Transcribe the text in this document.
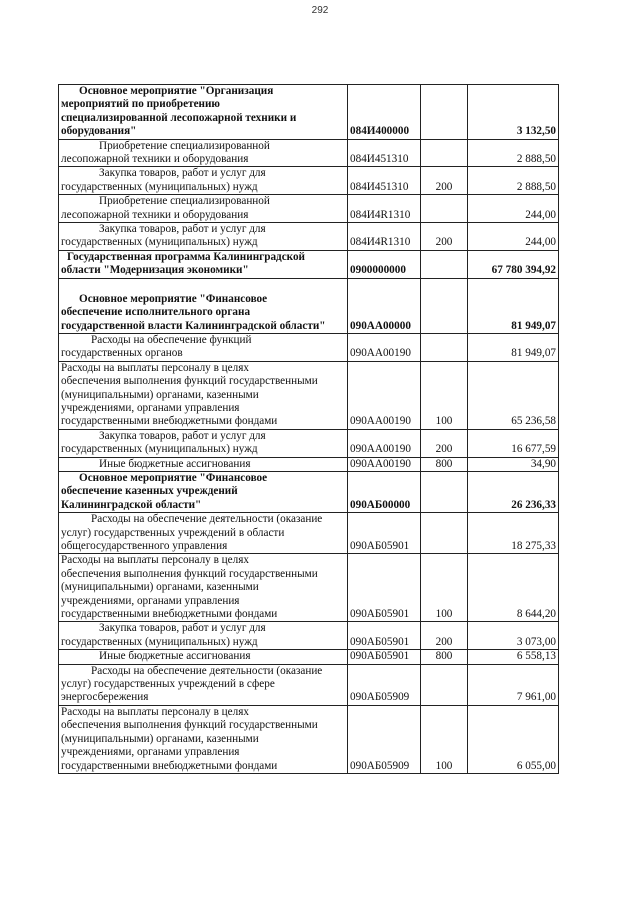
292
Основное мероприятие "Организация
мероприятий по приобретению
специализированной лесопожарной техники и
оборудования"	084И400000		3 132,50

Приобретение специализированной
лесопожарной техники и оборудования	084И451310		2 888,50

Закупка товаров, работ и услуг для
государственных (муниципальных) нужд	084И451310	200	2 888,50

Приобретение специализированной
лесопожарной техники и оборудования	084И4R1310		244,00

Закупка товаров, работ и услуг для
государственных (муниципальных) нужд	084И4R1310	200	244,00

Государственная программа Калининградской
области "Модернизация экономики"	0900000000		67 780 394,92

Основное мероприятие "Финансовое
обеспечение исполнительного органа
государственной власти Калининградской области"	090АА00000		81 949,07

Расходы на обеспечение функций
государственных органов	090АА00190		81 949,07

Расходы на выплаты персоналу в целях
обеспечения выполнения функций государственными
(муниципальными) органами, казенными
учреждениями, органами управления
государственными внебюджетными фондами	090АА00190	100	65 236,58

Закупка товаров, работ и услуг для
государственных (муниципальных) нужд	090АА00190	200	16 677,59

Иные бюджетные ассигнования	090АА00190	800	34,90

Основное мероприятие "Финансовое
обеспечение казенных учреждений
Калининградской области"	090АБ00000		26 236,33

Расходы на обеспечение деятельности (оказание
услуг) государственных учреждений в области
общегосударственного управления	090АБ05901		18 275,33

Расходы на выплаты персоналу в целях
обеспечения выполнения функций государственными
(муниципальными) органами, казенными
учреждениями, органами управления
государственными внебюджетными фондами	090АБ05901	100	8 644,20

Закупка товаров, работ и услуг для
государственных (муниципальных) нужд	090АБ05901	200	3 073,00

Иные бюджетные ассигнования	090АБ05901	800	6 558,13

Расходы на обеспечение деятельности (оказание
услуг) государственных учреждений в сфере
энергосбережения	090АБ05909		7 961,00

Расходы на выплаты персоналу в целях
обеспечения выполнения функций государственными
(муниципальными) органами, казенными
учреждениями, органами управления
государственными внебюджетными фондами	090АБ05909	100	6 055,00
